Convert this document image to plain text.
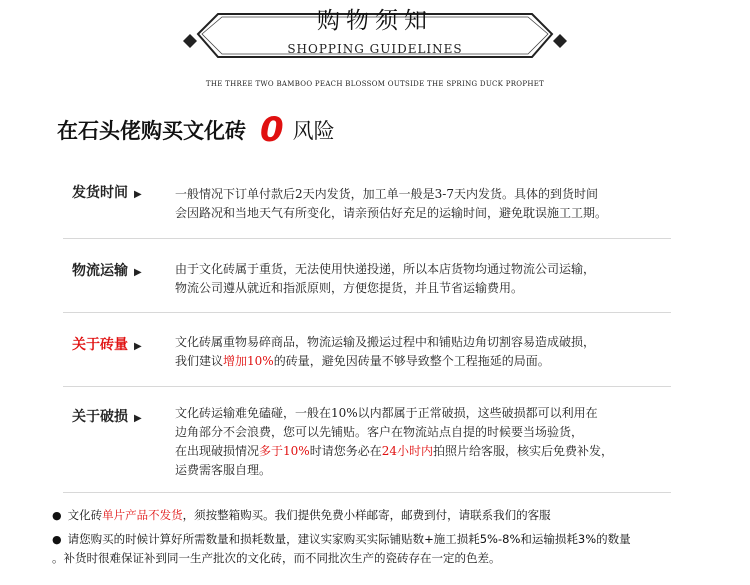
购物须知
SHOPPING GUIDELINES
THE THREE TWO BAMBOO PEACH BLOSSOM OUTSIDE THE SPRING DUCK PROPHET
在石头佬购买文化砖 0 风险
发货时间 ▶	一般情况下订单付款后2天内发货，加工单一般是3-7天内发货。具体的到货时间
会因路况和当地天气有所变化，请亲预估好充足的运输时间，避免耽误施工工期。
物流运输 ▶	由于文化砖属于重货，无法使用快递投递，所以本店货物均通过物流公司运输，
物流公司遵从就近和指派原则，方便您提货，并且节省运输费用。
关于砖量 ▶	文化砖属重物易碎商品，物流运输及搬运过程中和铺贴边角切割容易造成破损，
我们建议增加10%的砖量，避免因砖量不够导致整个工程拖延的局面。
关于破损 ▶	文化砖运输难免磕碰，一般在10%以内都属于正常破损，这些破损都可以利用在
边角部分不会浪费，您可以先铺贴。客户在物流站点自提的时候要当场验货，
在出现破损情况多于10%时请您务必在24小时内拍照片给客服，核实后免费补发，
运费需客服自理。
● 文化砖单片产品不发货，须按整箱购买。我们提供免费小样邮寄，邮费到付，请联系我们的客服
● 请您购买的时候计算好所需数量和损耗数量，建议实家购买实际铺贴数+施工损耗5%-8%和运输损耗3%的数量
。补货时很难保证补到同一生产批次的文化砖，而不同批次生产的瓷砖存在一定的色差。
